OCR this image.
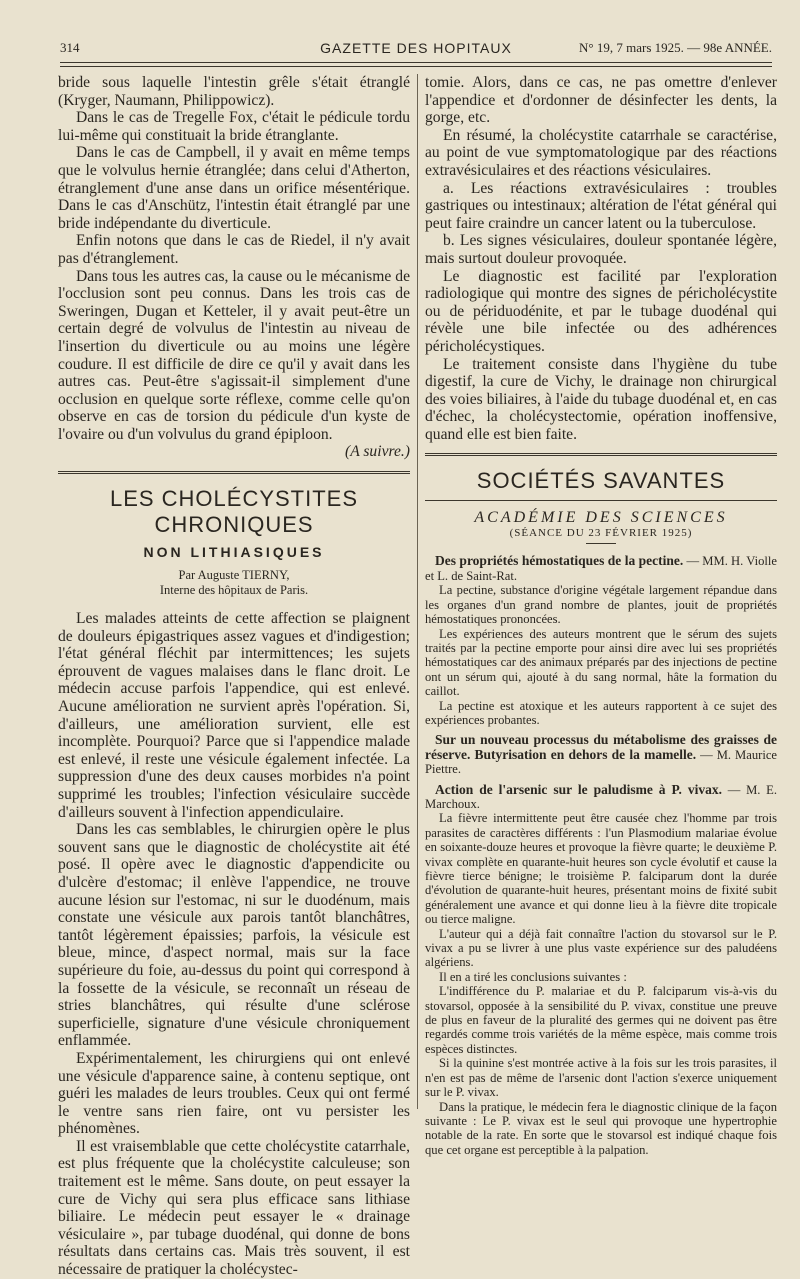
314	GAZETTE DES HOPITAUX	N° 19, 7 mars 1925. — 98e ANNÉE.

bride sous laquelle l'intestin grêle s'était étranglé (Kryger, Naumann, Philippowicz).

Dans le cas de Tregelle Fox, c'était le pédicule tordu lui-même qui constituait la bride étranglante.

Dans le cas de Campbell, il y avait en même temps que le volvulus hernie étranglée; dans celui d'Atherton, étranglement d'une anse dans un orifice mésentérique. Dans le cas d'Anschütz, l'intestin était étranglé par une bride indépendante du diverticule.

Enfin notons que dans le cas de Riedel, il n'y avait pas d'étranglement.

Dans tous les autres cas, la cause ou le mécanisme de l'occlusion sont peu connus. Dans les trois cas de Sweringen, Dugan et Ketteler, il y avait peut-être un certain degré de volvulus de l'intestin au niveau de l'insertion du diverticule ou au moins une légère coudure. Il est difficile de dire ce qu'il y avait dans les autres cas. Peut-être s'agissait-il simplement d'une occlusion en quelque sorte réflexe, comme celle qu'on observe en cas de torsion du pédicule d'un kyste de l'ovaire ou d'un volvulus du grand épiploon.

(A suivre.)

LES CHOLÉCYSTITES CHRONIQUES
NON LITHIASIQUES
Par Auguste TIERNY,
Interne des hôpitaux de Paris.

Les malades atteints de cette affection se plaignent de douleurs épigastriques assez vagues et d'indigestion; l'état général fléchit par intermittences; les sujets éprouvent de vagues malaises dans le flanc droit. Le médecin accuse parfois l'appendice, qui est enlevé. Aucune amélioration ne survient après l'opération. Si, d'ailleurs, une amélioration survient, elle est incomplète. Pourquoi? Parce que si l'appendice malade est enlevé, il reste une vésicule également infectée. La suppression d'une des deux causes morbides n'a point supprimé les troubles; l'infection vésiculaire succède d'ailleurs souvent à l'infection appendiculaire.

Dans les cas semblables, le chirurgien opère le plus souvent sans que le diagnostic de cholécystite ait été posé. Il opère avec le diagnostic d'appendicite ou d'ulcère d'estomac; il enlève l'appendice, ne trouve aucune lésion sur l'estomac, ni sur le duodénum, mais constate une vésicule aux parois tantôt blanchâtres, tantôt légèrement épaissies; parfois, la vésicule est bleue, mince, d'aspect normal, mais sur la face supérieure du foie, au-dessus du point qui correspond à la fossette de la vésicule, se reconnaît un réseau de stries blanchâtres, qui résulte d'une sclérose superficielle, signature d'une vésicule chroniquement enflammée.

Expérimentalement, les chirurgiens qui ont enlevé une vésicule d'apparence saine, à contenu septique, ont guéri les malades de leurs troubles. Ceux qui ont fermé le ventre sans rien faire, ont vu persister les phénomènes.

Il est vraisemblable que cette cholécystite catarrhale, est plus fréquente que la cholécystite calculeuse; son traitement est le même. Sans doute, on peut essayer la cure de Vichy qui sera plus efficace sans lithiase biliaire. Le médecin peut essayer le « drainage vésiculaire », par tubage duodénal, qui donne de bons résultats dans certains cas. Mais très souvent, il est nécessaire de pratiquer la cholécystec-

tomie. Alors, dans ce cas, ne pas omettre d'enlever l'appendice et d'ordonner de désinfecter les dents, la gorge, etc.

En résumé, la cholécystite catarrhale se caractérise, au point de vue symptomatologique par des réactions extravésiculaires et des réactions vésiculaires.

a. Les réactions extravésiculaires : troubles gastriques ou intestinaux; altération de l'état général qui peut faire craindre un cancer latent ou la tuberculose.

b. Les signes vésiculaires, douleur spontanée légère, mais surtout douleur provoquée.

Le diagnostic est facilité par l'exploration radiologique qui montre des signes de péricholécystite ou de périduodénite, et par le tubage duodénal qui révèle une bile infectée ou des adhérences péricholécystiques.

Le traitement consiste dans l'hygiène du tube digestif, la cure de Vichy, le drainage non chirurgical des voies biliaires, à l'aide du tubage duodénal et, en cas d'échec, la cholécystectomie, opération inoffensive, quand elle est bien faite.

SOCIÉTÉS SAVANTES
ACADÉMIE DES SCIENCES
(SÉANCE DU 23 FÉVRIER 1925)

Des propriétés hémostatiques de la pectine. — MM. H. Violle et L. de Saint-Rat.

La pectine, substance d'origine végétale largement répandue dans les organes d'un grand nombre de plantes, jouit de propriétés hémostatiques prononcées.

Les expériences des auteurs montrent que le sérum des sujets traités par la pectine emporte pour ainsi dire avec lui ses propriétés hémostatiques car des animaux préparés par des injections de pectine ont un sérum qui, ajouté à du sang normal, hâte la formation du caillot.

La pectine est atoxique et les auteurs rapportent à ce sujet des expériences probantes.

Sur un nouveau processus du métabolisme des graisses de réserve. Butyrisation en dehors de la mamelle. — M. Maurice Piettre.

Action de l'arsenic sur le paludisme à P. vivax. — M. E. Marchoux.

La fièvre intermittente peut être causée chez l'homme par trois parasites de caractères différents : l'un Plasmodium malariae évolue en soixante-douze heures et provoque la fièvre quarte; le deuxième P. vivax complète en quarante-huit heures son cycle évolutif et cause la fièvre tierce bénigne; le troisième P. falciparum dont la durée d'évolution de quarante-huit heures, présentant moins de fixité subit généralement une avance et qui donne lieu à la fièvre dite tropicale ou tierce maligne.

L'auteur qui a déjà fait connaître l'action du stovarsol sur le P. vivax a pu se livrer à une plus vaste expérience sur des paludéens algériens.

Il en a tiré les conclusions suivantes :

L'indifférence du P. malariae et du P. falciparum vis-à-vis du stovarsol, opposée à la sensibilité du P. vivax, constitue une preuve de plus en faveur de la pluralité des germes qui ne doivent pas être regardés comme trois variétés de la même espèce, mais comme trois espèces distinctes.

Si la quinine s'est montrée active à la fois sur les trois parasites, il n'en est pas de même de l'arsenic dont l'action s'exerce uniquement sur le P. vivax.

Dans la pratique, le médecin fera le diagnostic clinique de la façon suivante : Le P. vivax est le seul qui provoque une hypertrophie notable de la rate. En sorte que le stovarsol est indiqué chaque fois que cet organe est perceptible à la palpation.
